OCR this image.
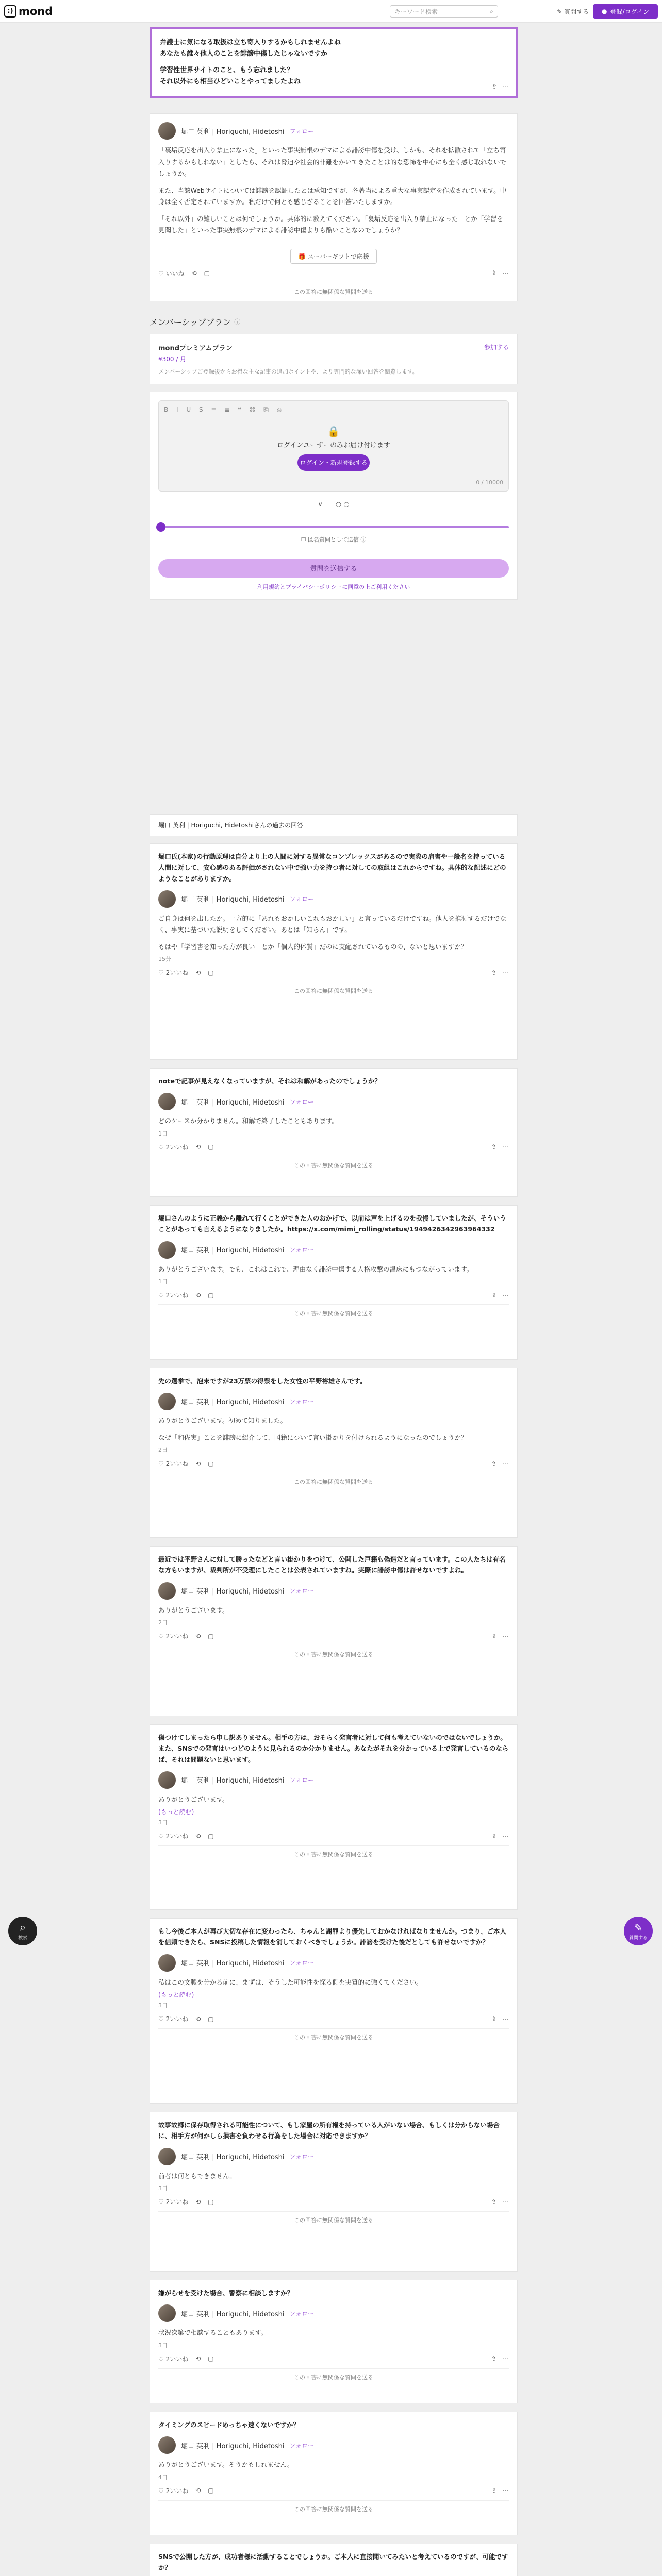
:) mond	キーワード検索	⌕	✎ 質問する ● 登録/ログイン
弁護士に気になる取扱は立ち寄入りするかもしれませんよね
あなたも誰々他人のことを誹謗中傷したじゃないですか
学習性世界サイトのこと、もう忘れました？
それ以外にも相当ひどいことやってましたよね
⇪ ⋯
堀口 英利 | Horiguchi, Hidetoshi フォロー
「裏垢反応を出入り禁止になった」といった事実無根のデマによる誹謗中傷を受け、しかも、それを拡散されて「立ち寄入りするかもしれない」としたら、それは脅迫や社会的非難をかいてきたことは的な恐怖を中心にも全く感じ取れないでしょうか。
また、当該Webサイトについては誹謗を認証したとは承知ですが、各著当による重大な事実認定を作成されています。中身は全く否定されていますか。私だけで何とも感じざることを回答いたしますか。
「それ以外」の難しいことは何でしょうか。具体的に教えてください。「裏垢反応を出入り禁止になった」とか「学習を見聞した」といった事実無根のデマによる誹謗中傷よりも酷いことなのでしょうか？
🎁 スーパーギフトで応援
♡ いいね ⟲ ▢	⇪ ⋯
この回答に無関係な質問を送る
メンバーシッププラン ⓘ
mondプレミアムプラン	参加する
¥300 / 月
メンバーシップご登録後からお得な主な記事の追加ポイントや、より専門的な深い回答を閲覧します。
B I U S ≡ ≣ ❝ ⌘ ⎘ ⎌
🔒
ログインユーザーのみお届け付けます
ログイン・新規登録する
0 / 10000
∨      ○ ○
☐ 匿名質問として送信 ⓘ
質問を送信する
利用規約とプライバシーポリシーに同意の上ご利用ください
堀口 英利 | Horiguchi, Hidetoshiさんの過去の回答
堀口氏(本家)の行動原理は自分より上の人間に対する異常なコンプレックスがあるので実際の肩書や一般名を持っている人間に対して、安心感のある評価がされない中で強い力を持つ者に対しての取組はこれからですね。具体的な記述にどのようなことがありますか。
堀口 英利 | Horiguchi, Hidetoshi フォロー
ご自身は何を出したか。一方的に「あれもおかしいこれもおかしい」と言っているだけですね。他人を推測するだけでなく、事実に基づいた説明をしてください。あとは「知らん」です。
もはや「学習書を知った方が良い」とか「個人的体質」だのに支配されているものの、ないと思いますか？
15分
♡ 2いいね ⟲ ▢	⇪ ⋯
この回答に無関係な質問を送る
noteで記事が見えなくなっていますが、それは和解があったのでしょうか？
堀口 英利 | Horiguchi, Hidetoshi フォロー
どのケースか分かりません。和解で終了したこともあります。
1日
♡ 2いいね ⟲ ▢	⇪ ⋯
この回答に無関係な質問を送る
堀口さんのように正義から離れて行くことができた人のおかげで、以前は声を上げるのを我慢していましたが、そういうことがあっても言えるようになりましたか。https://x.com/mimi_rolling/status/1949426342963964332
堀口 英利 | Horiguchi, Hidetoshi フォロー
ありがとうございます。でも、これはこれで、理由なく誹謗中傷する人格攻撃の温床にもつながっています。
1日
♡ 2いいね ⟲ ▢	⇪ ⋯
この回答に無関係な質問を送る
先の選挙で、泡末ですが23万票の得票をした女性の平野裕雄さんです。
堀口 英利 | Horiguchi, Hidetoshi フォロー
ありがとうございます。初めて知りました。
なぜ「和佐実」ことを誹謗に紹介して、国籍について言い掛かりを付けられるようになったのでしょうか？
2日
♡ 2いいね ⟲ ▢	⇪ ⋯
この回答に無関係な質問を送る
最近では平野さんに対して勝ったなどと言い掛かりをつけて、公開した戸籍も偽造だと言っています。この人たちは有名な方もいますが、裁判所が不受理にしたことは公表されていますね。実際に誹謗中傷は許せないですよね。
堀口 英利 | Horiguchi, Hidetoshi フォロー
ありがとうございます。
2日
♡ 2いいね ⟲ ▢	⇪ ⋯
この回答に無関係な質問を送る
傷つけてしまったら申し訳ありません。相手の方は、おそらく発言者に対して何も考えていないのではないでしょうか。また、SNSでの発言はいつどのように見られるのか分かりません。あなたがそれを分かっている上で発言しているのならば、それは問題ないと思います。
堀口 英利 | Horiguchi, Hidetoshi フォロー
ありがとうございます。
(もっと読む)
3日
♡ 2いいね ⟲ ▢	⇪ ⋯
この回答に無関係な質問を送る
もし今後ご本人が再び大切な存在に変わったら、ちゃんと謝罪より優先しておかなければなりませんか。つまり、ご本人を信頼できたら、SNSに投稿した情報を消しておくべきでしょうか。誹謗を受けた後だとしても許せないですか？
堀口 英利 | Horiguchi, Hidetoshi フォロー
私はこの文脈を分かる前に、まずは、そうした可能性を探る側を実質的に強くてください。
(もっと読む)
3日
♡ 2いいね ⟲ ▢	⇪ ⋯
この回答に無関係な質問を送る
故事故郷に保存取得される可能性について、もし家屋の所有権を持っている人がいない場合、もしくは分からない場合に、相手方が何かしら損害を負わせる行為をした場合に対応できますか？
堀口 英利 | Horiguchi, Hidetoshi フォロー
前者は何ともできません。
3日
♡ 2いいね ⟲ ▢	⇪ ⋯
この回答に無関係な質問を送る
嫌がらせを受けた場合、警察に相談しますか？
堀口 英利 | Horiguchi, Hidetoshi フォロー
状況次第で相談することもあります。
3日
♡ 2いいね ⟲ ▢	⇪ ⋯
この回答に無関係な質問を送る
タイミングのスピードめっちゃ速くないですか？
堀口 英利 | Horiguchi, Hidetoshi フォロー
ありがとうございます。そうかもしれません。
4日
♡ 2いいね ⟲ ▢	⇪ ⋯
この回答に無関係な質問を送る
SNSで公開した方が、成功者様に活動することでしょうか。ご本人に直接聞いてみたいと考えているのですが、可能ですか？
⌕
検索
✎
質問する
